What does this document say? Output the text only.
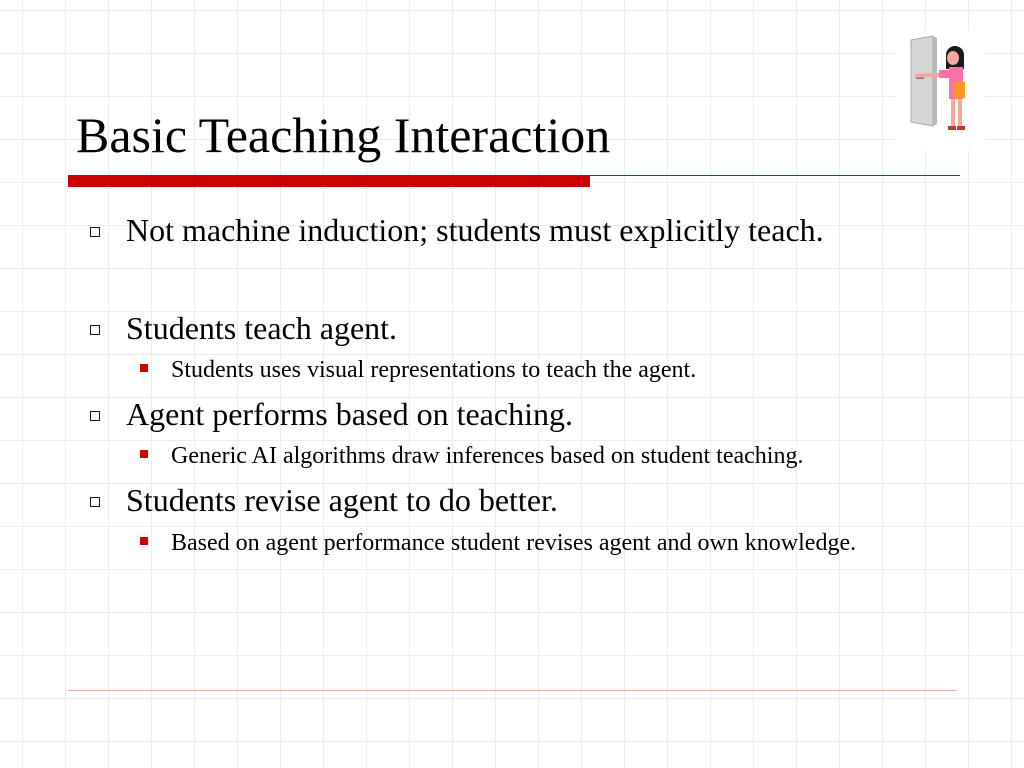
Basic Teaching Interaction
Not machine induction; students must explicitly teach.
Students teach agent.
Students uses visual representations to teach the agent.
Agent performs based on teaching.
Generic AI algorithms draw inferences based on student teaching.
Students revise agent to do better.
Based on agent performance student revises agent and own knowledge.
